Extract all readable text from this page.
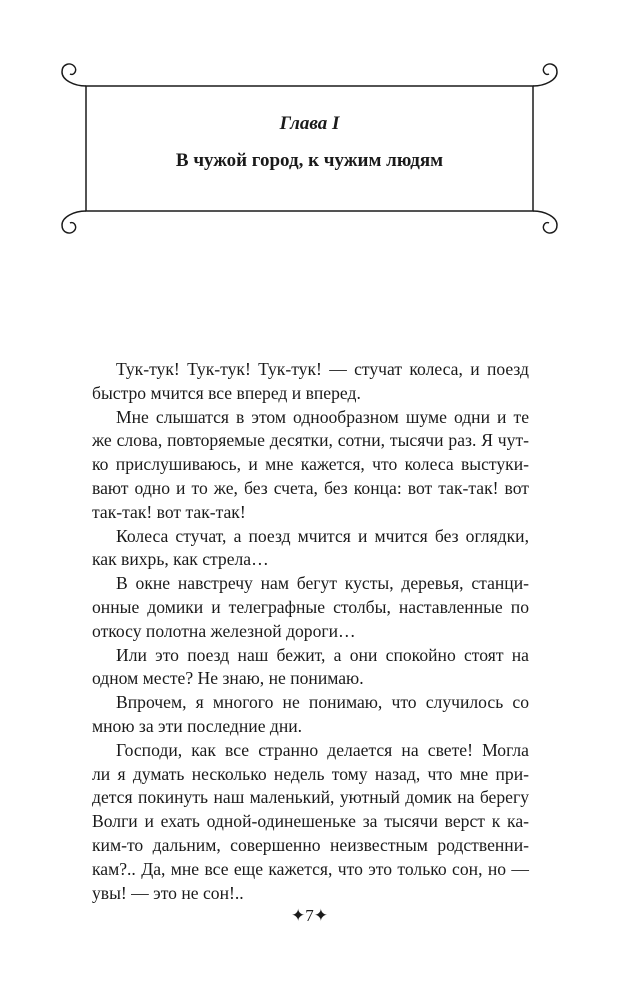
Глава I
В чужой город, к чужим людям
Тук-тук! Тук-тук! Тук-тук! — стучат колеса, и поезд
быстро мчится все вперед и вперед.
Мне слышатся в этом однообразном шуме одни и те
же слова, повторяемые десятки, сотни, тысячи раз. Я чут-
ко прислушиваюсь, и мне кажется, что колеса выстуки-
вают одно и то же, без счета, без конца: вот так-так! вот
так-так! вот так-так!
Колеса стучат, а поезд мчится и мчится без оглядки,
как вихрь, как стрела…
В окне навстречу нам бегут кусты, деревья, станци-
онные домики и телеграфные столбы, наставленные по
откосу полотна железной дороги…
Или это поезд наш бежит, а они спокойно стоят на
одном месте? Не знаю, не понимаю.
Впрочем, я многого не понимаю, что случилось со
мною за эти последние дни.
Господи, как все странно делается на свете! Могла
ли я думать несколько недель тому назад, что мне при-
дется покинуть наш маленький, уютный домик на берегу
Волги и ехать одной-одинешеньке за тысячи верст к ка-
ким-то дальним, совершенно неизвестным родственни-
кам?.. Да, мне все еще кажется, что это только сон, но —
увы! — это не сон!..
✦7✦
